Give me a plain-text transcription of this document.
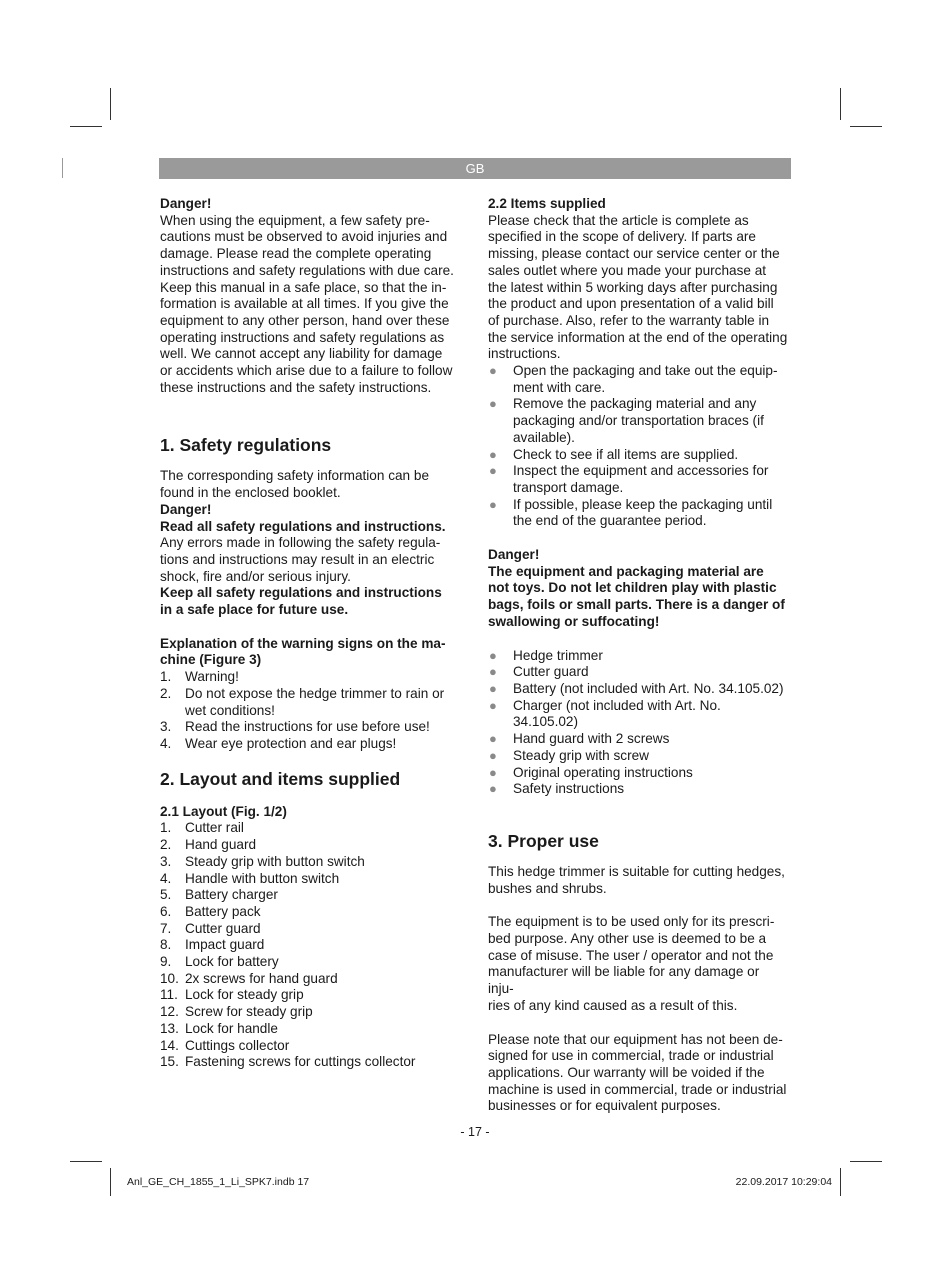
GB

Danger!

When using the equipment, a few safety pre-
cautions must be observed to avoid injuries and
damage. Please read the complete operating
instructions and safety regulations with due care.
Keep this manual in a safe place, so that the in-
formation is available at all times. If you give the
equipment to any other person, hand over these
operating instructions and safety regulations as
well. We cannot accept any liability for damage
or accidents which arise due to a failure to follow
these instructions and the safety instructions.

1. Safety regulations

The corresponding safety information can be
found in the enclosed booklet.

Danger!

Read all safety regulations and instructions.

Any errors made in following the safety regula-
tions and instructions may result in an electric
shock, fire and/or serious injury.
Keep all safety regulations and instructions
in a safe place for future use.
Explanation of the warning signs on the ma-
chine (Figure 3)
1. Warning!
2. Do not expose the hedge trimmer to rain or
wet conditions!
3. Read the instructions for use before use!
4. Wear eye protection and ear plugs!

2. Layout and items supplied

2.1 Layout (Fig. 1/2)

1. Cutter rail
2. Hand guard
3. Steady grip with button switch
4. Handle with button switch
5. Battery charger
6. Battery pack
7. Cutter guard
8. Impact guard
9. Lock for battery
10. 2x screws for hand guard
11. Lock for steady grip
12. Screw for steady grip
13. Lock for handle
14. Cuttings collector
15. Fastening screws for cuttings collector

2.2 Items supplied

Please check that the article is complete as
specified in the scope of delivery. If parts are
missing, please contact our service center or the
sales outlet where you made your purchase at
the latest within 5 working days after purchasing
the product and upon presentation of a valid bill
of purchase. Also, refer to the warranty table in
the service information at the end of the operating
instructions.
● Open the packaging and take out the equip-
ment with care.
● Remove the packaging material and any
packaging and/or transportation braces (if
available).
● Check to see if all items are supplied.
● Inspect the equipment and accessories for
transport damage.
● If possible, please keep the packaging until
the end of the guarantee period.

Danger!

The equipment and packaging material are
not toys. Do not let children play with plastic
bags, foils or small parts. There is a danger of
swallowing or suffocating!
● Hedge trimmer
● Cutter guard
● Battery (not included with Art. No. 34.105.02)
● Charger (not included with Art. No. 34.105.02)
● Hand guard with 2 screws
● Steady grip with screw
● Original operating instructions
● Safety instructions

3. Proper use

This hedge trimmer is suitable for cutting hedges,
bushes and shrubs.
The equipment is to be used only for its prescri-
bed purpose. Any other use is deemed to be a
case of misuse. The user / operator and not the
manufacturer will be liable for any damage or inju-
ries of any kind caused as a result of this.
Please note that our equipment has not been de-
signed for use in commercial, trade or industrial
applications. Our warranty will be voided if the
machine is used in commercial, trade or industrial
businesses or for equivalent purposes.
- 17 -
Anl_GE_CH_1855_1_Li_SPK7.indb 17	22.09.2017 10:29:04
